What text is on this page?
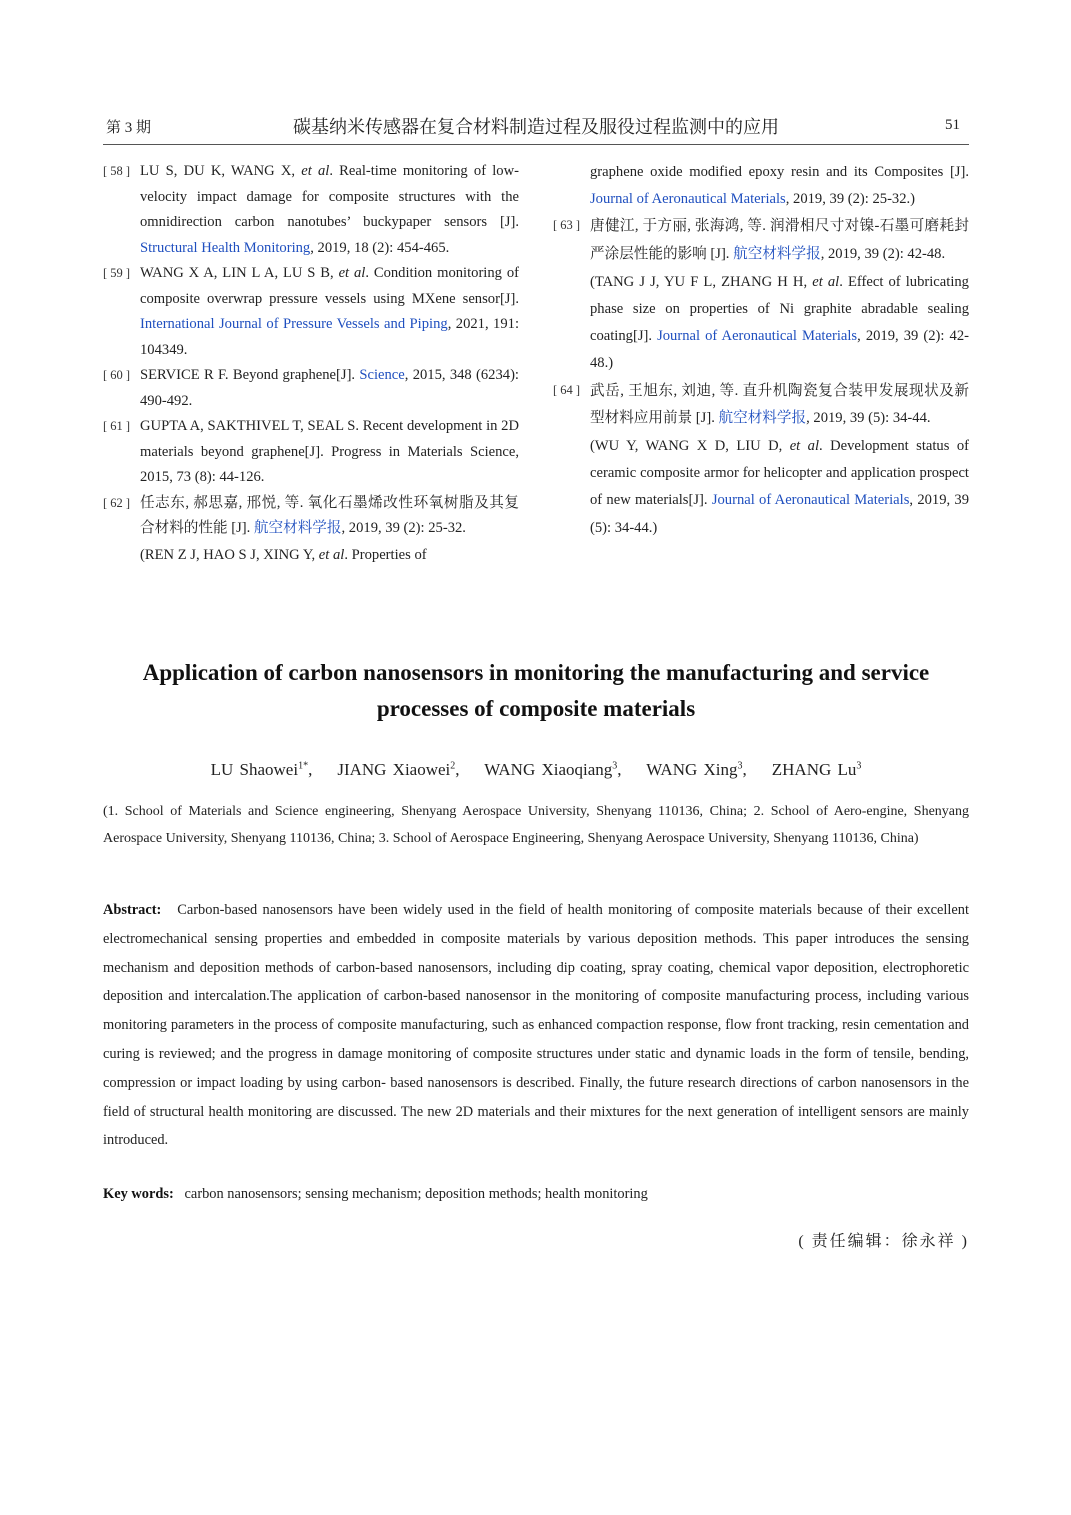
第 3 期	碳基纳米传感器在复合材料制造过程及服役过程监测中的应用	51
[ 58 ] LU S, DU K, WANG X, et al. Real-time monitoring of low-velocity impact damage for composite structures with the omnidirection carbon nanotubes’ buckypaper sensors [J]. Structural Health Monitoring, 2019, 18 (2): 454-465.
[ 59 ] WANG X A, LIN L A, LU S B, et al. Condition monitoring of composite overwrap pressure vessels using MXene sensor[J]. International Journal of Pressure Vessels and Piping, 2021, 191: 104349.
[ 60 ] SERVICE R F. Beyond graphene[J]. Science, 2015, 348 (6234): 490-492.
[ 61 ] GUPTA A, SAKTHIVEL T, SEAL S. Recent development in 2D materials beyond graphene[J]. Progress in Materials Science, 2015, 73 (8): 44-126.
[ 62 ] 任志东, 郝思嘉, 邢悦, 等. 氧化石墨烯改性环氧树脂及其复合材料的性能 [J]. 航空材料学报, 2019, 39 (2): 25-32.
(REN Z J, HAO S J, XING Y, et al. Properties of
graphene oxide modified epoxy resin and its Composites [J]. Journal of Aeronautical Materials, 2019, 39 (2): 25-32.)
[ 63 ] 唐健江, 于方丽, 张海鸿, 等. 润滑相尺寸对镍-石墨可磨耗封严涂层性能的影响 [J]. 航空材料学报, 2019, 39 (2): 42-48.
(TANG J J, YU F L, ZHANG H H, et al. Effect of lubricating phase size on properties of Ni graphite abradable sealing coating[J]. Journal of Aeronautical Materials, 2019, 39 (2): 42-48.)
[ 64 ] 武岳, 王旭东, 刘迪, 等. 直升机陶瓷复合装甲发展现状及新型材料应用前景 [J]. 航空材料学报, 2019, 39 (5): 34-44.
(WU Y, WANG X D, LIU D, et al. Development status of ceramic composite armor for helicopter and application prospect of new materials[J]. Journal of Aeronautical Materials, 2019, 39 (5): 34-44.)
Application of carbon nanosensors in monitoring the manufacturing and service processes of composite materials
LU Shaowei$^{1*}$,    JIANG Xiaowei$^2$,    WANG Xiaoqiang$^3$,    WANG Xing$^3$,    ZHANG Lu$^3$
(1. School of Materials and Science engineering, Shenyang Aerospace University, Shenyang 110136, China; 2. School of Aero-engine, Shenyang Aerospace University, Shenyang 110136, China; 3. School of Aerospace Engineering, Shenyang Aerospace University, Shenyang 110136, China)
Abstract: Carbon-based nanosensors have been widely used in the field of health monitoring of composite materials because of their excellent electromechanical sensing properties and embedded in composite materials by various deposition methods. This paper introduces the sensing mechanism and deposition methods of carbon-based nanosensors, including dip coating, spray coating, chemical vapor deposition, electrophoretic deposition and intercalation.The application of carbon-based nanosensor in the monitoring of composite manufacturing process, including various monitoring parameters in the process of composite manufacturing, such as enhanced compaction response, flow front tracking, resin cementation and curing is reviewed; and the progress in damage monitoring of composite structures under static and dynamic loads in the form of tensile, bending, compression or impact loading by using carbon- based nanosensors is described. Finally, the future research directions of carbon nanosensors in the field of structural health monitoring are discussed. The new 2D materials and their mixtures for the next generation of intelligent sensors are mainly introduced.
Key words: carbon nanosensors; sensing mechanism; deposition methods; health monitoring
( 责任编辑：徐永祥 )
